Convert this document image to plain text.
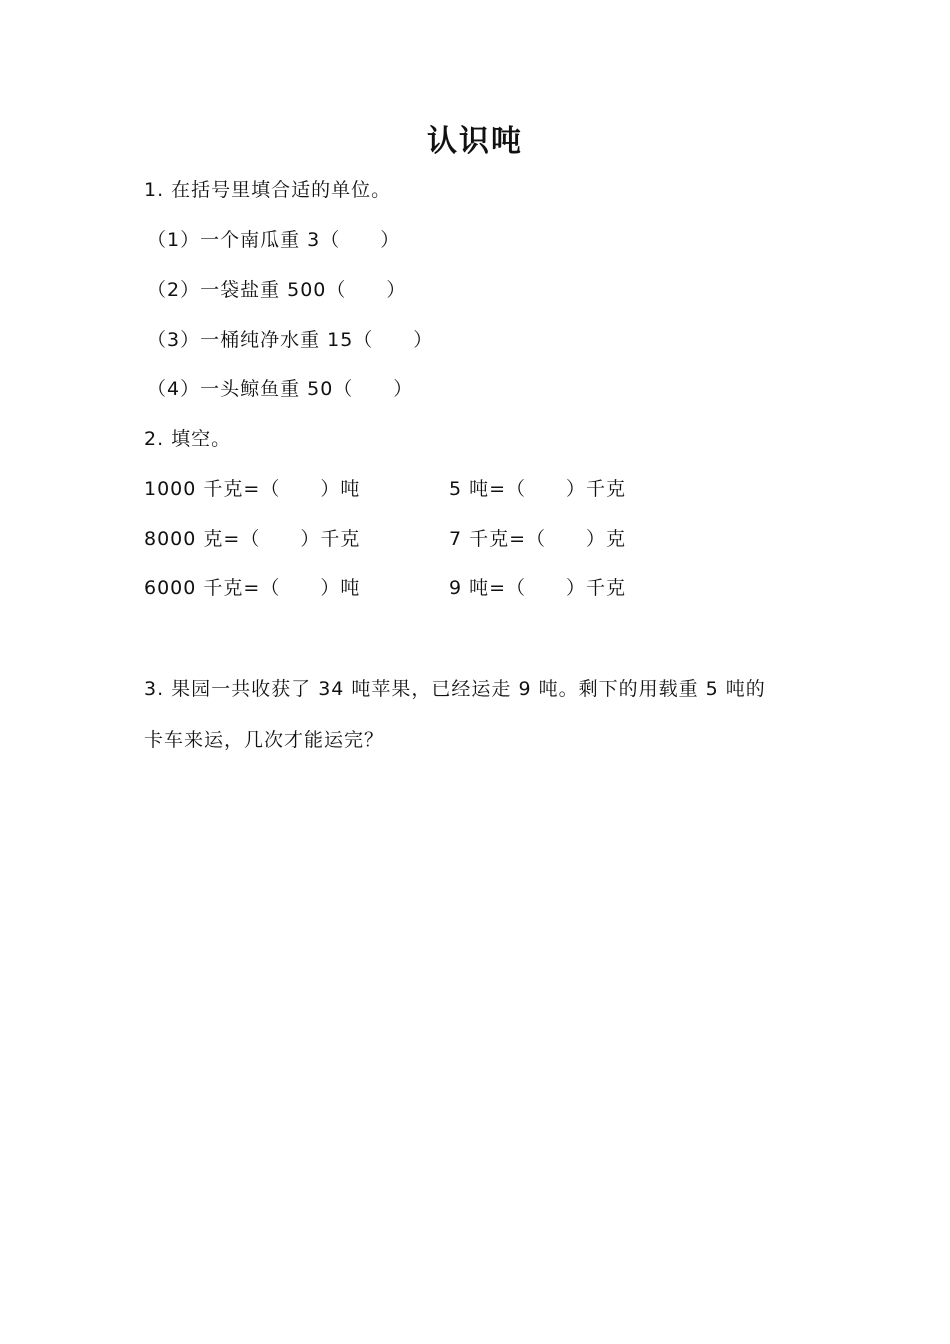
认识吨
1. 在括号里填合适的单位。
（1）一个南瓜重 3（　　）
（2）一袋盐重 500（　　）
（3）一桶纯净水重 15（　　）
（4）一头鲸鱼重 50（　　）
2. 填空。
1000 千克=（　　）吨	5 吨=（　　）千克
8000 克=（　　）千克	7 千克=（　　）克
6000 千克=（　　）吨	9 吨=（　　）千克
3. 果园一共收获了 34 吨苹果，已经运走 9 吨。剩下的用载重 5 吨的
卡车来运，几次才能运完？
